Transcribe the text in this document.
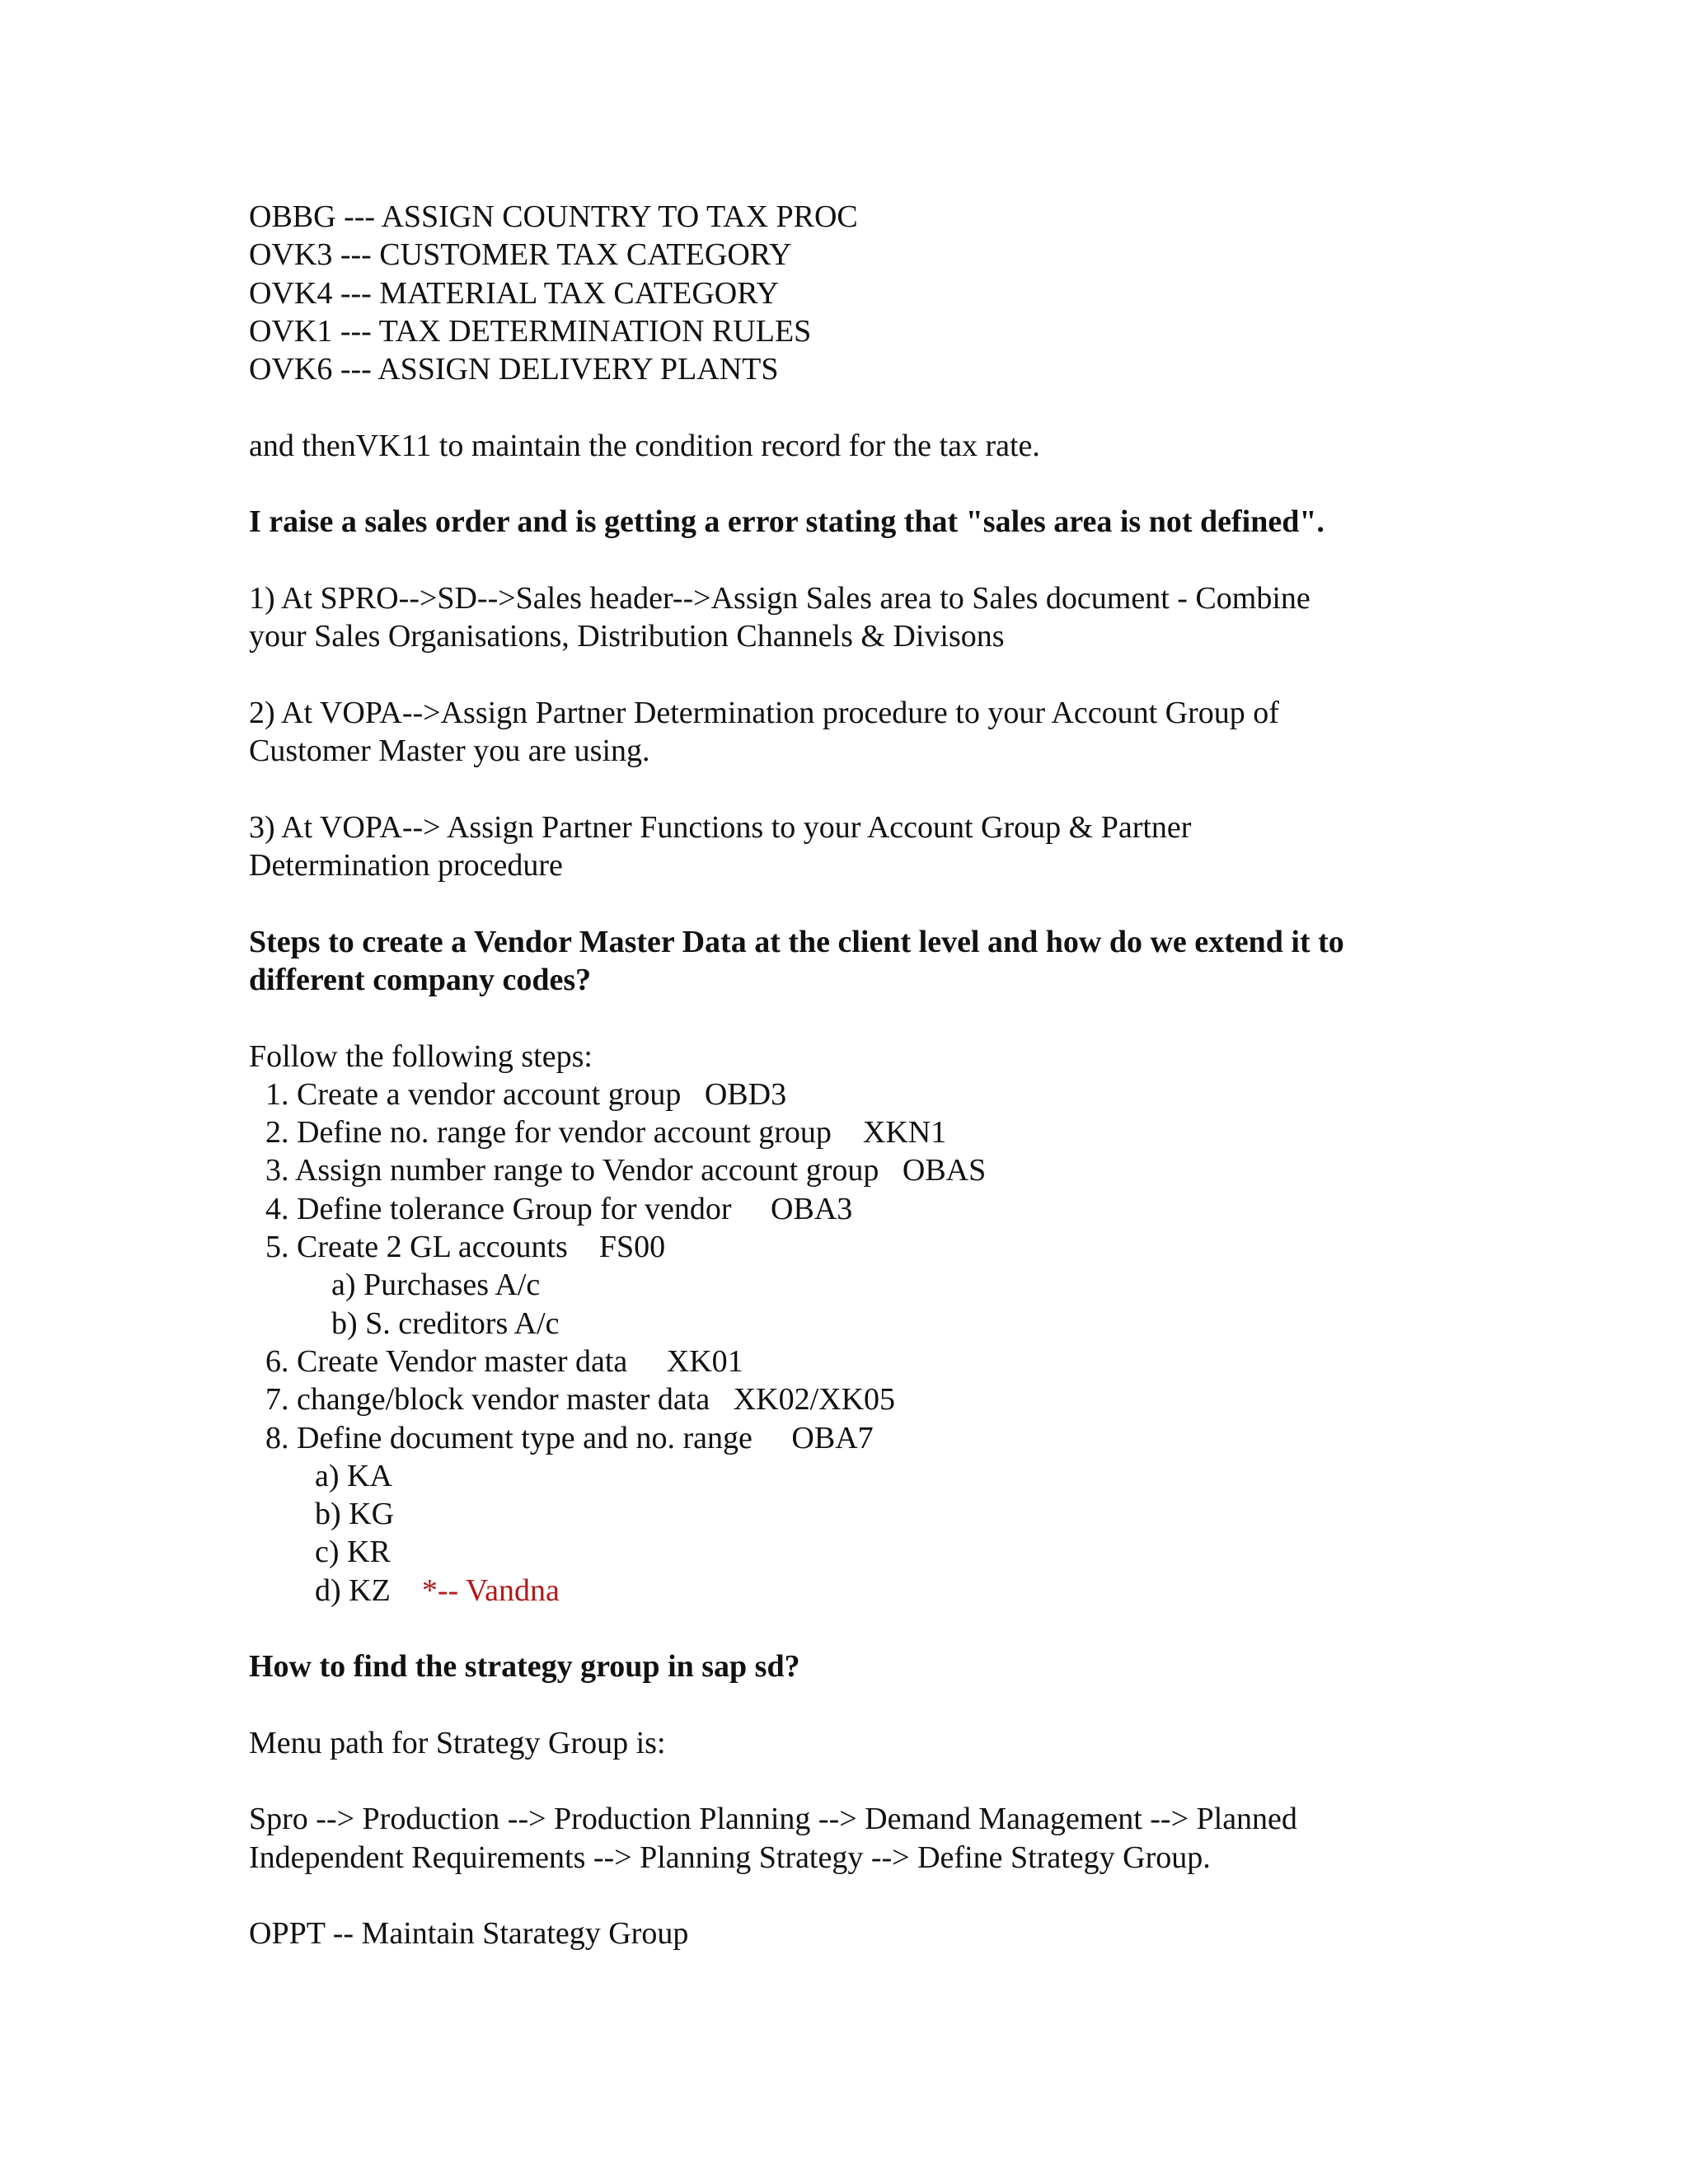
OBBG --- ASSIGN COUNTRY TO TAX PROC
OVK3 --- CUSTOMER TAX CATEGORY
OVK4 --- MATERIAL TAX CATEGORY
OVK1 --- TAX DETERMINATION RULES
OVK6 --- ASSIGN DELIVERY PLANTS
and thenVK11 to maintain the condition record for the tax rate.
I raise a sales order and is getting a error stating that "sales area is not defined".
1) At SPRO-->SD-->Sales header-->Assign Sales area to Sales document - Combine
your Sales Organisations, Distribution Channels & Divisons
2) At VOPA-->Assign Partner Determination procedure to your Account Group of
Customer Master you are using.
3) At VOPA--> Assign Partner Functions to your Account Group & Partner
Determination procedure
Steps to create a Vendor Master Data at the client level and how do we extend it to
different company codes?
Follow the following steps:
1. Create a vendor account group   OBD3
2. Define no. range for vendor account group    XKN1
3. Assign number range to Vendor account group   OBAS
4. Define tolerance Group for vendor     OBA3
5. Create 2 GL accounts    FS00
a) Purchases A/c
b) S. creditors A/c
6. Create Vendor master data     XK01
7. change/block vendor master data   XK02/XK05
8. Define document type and no. range     OBA7
a) KA
b) KG
c) KR
d) KZ *-- Vandna
How to find the strategy group in sap sd?
Menu path for Strategy Group is:
Spro --> Production --> Production Planning --> Demand Management --> Planned
Independent Requirements --> Planning Strategy --> Define Strategy Group.
OPPT -- Maintain Starategy Group
